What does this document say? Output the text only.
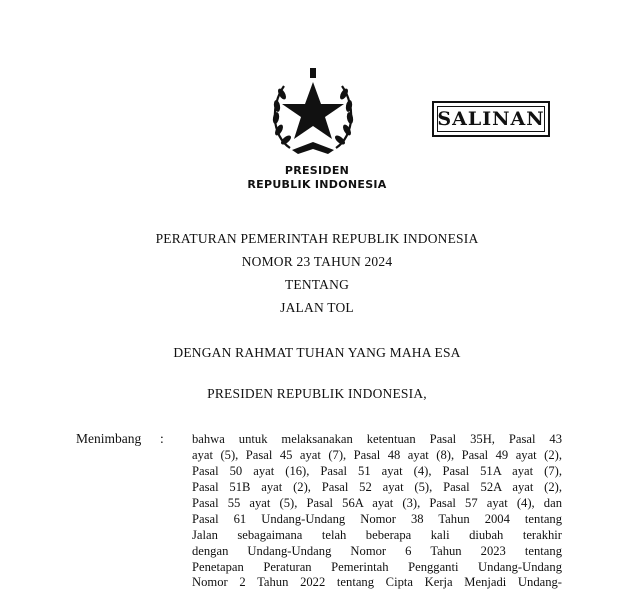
SALINAN
PRESIDEN
REPUBLIK INDONESIA
PERATURAN PEMERINTAH REPUBLIK INDONESIA
NOMOR 23 TAHUN 2024
TENTANG
JALAN TOL
DENGAN RAHMAT TUHAN YANG MAHA ESA
PRESIDEN REPUBLIK INDONESIA,
Menimbang : bahwa untuk melaksanakan ketentuan Pasal 35H, Pasal 43
ayat (5), Pasal 45 ayat (7), Pasal 48 ayat (8), Pasal 49 ayat (2),
Pasal 50 ayat (16), Pasal 51 ayat (4), Pasal 51A ayat (7),
Pasal 51B ayat (2), Pasal 52 ayat (5), Pasal 52A ayat (2),
Pasal 55 ayat (5), Pasal 56A ayat (3), Pasal 57 ayat (4), dan
Pasal 61 Undang-Undang Nomor 38 Tahun 2004 tentang
Jalan sebagaimana telah beberapa kali diubah terakhir
dengan Undang-Undang Nomor 6 Tahun 2023 tentang
Penetapan Peraturan Pemerintah Pengganti Undang-Undang
Nomor 2 Tahun 2022 tentang Cipta Kerja Menjadi Undang-
